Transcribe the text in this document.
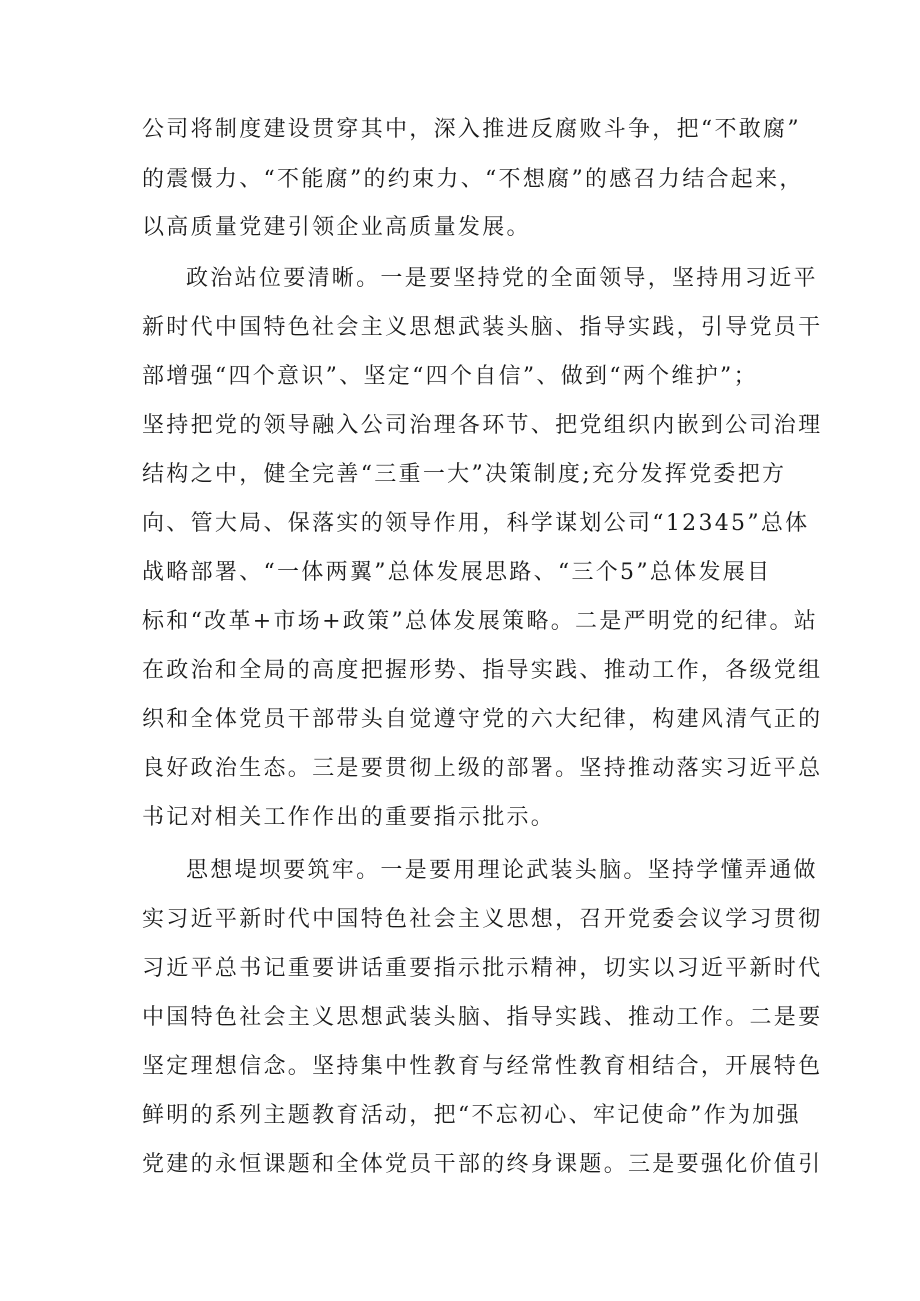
公司将制度建设贯穿其中，深入推进反腐败斗争，把“不敢腐”

的震慑力、“不能腐”的约束力、“不想腐”的感召力结合起来，

以高质量党建引领企业高质量发展。

政治站位要清晰。一是要坚持党的全面领导，坚持用习近平

新时代中国特色社会主义思想武装头脑、指导实践，引导党员干

部增强“四个意识”、坚定“四个自信”、做到“两个维护”；

坚持把党的领导融入公司治理各环节、把党组织内嵌到公司治理

结构之中，健全完善“三重一大”决策制度;充分发挥党委把方

向、管大局、保落实的领导作用，科学谋划公司“12345”总体

战略部署、“一体两翼”总体发展思路、“三个5”总体发展目

标和“改革+市场+政策”总体发展策略。二是严明党的纪律。站

在政治和全局的高度把握形势、指导实践、推动工作，各级党组

织和全体党员干部带头自觉遵守党的六大纪律，构建风清气正的

良好政治生态。三是要贯彻上级的部署。坚持推动落实习近平总

书记对相关工作作出的重要指示批示。

思想堤坝要筑牢。一是要用理论武装头脑。坚持学懂弄通做

实习近平新时代中国特色社会主义思想，召开党委会议学习贯彻

习近平总书记重要讲话重要指示批示精神，切实以习近平新时代

中国特色社会主义思想武装头脑、指导实践、推动工作。二是要

坚定理想信念。坚持集中性教育与经常性教育相结合，开展特色

鲜明的系列主题教育活动，把“不忘初心、牢记使命”作为加强

党建的永恒课题和全体党员干部的终身课题。三是要强化价值引
